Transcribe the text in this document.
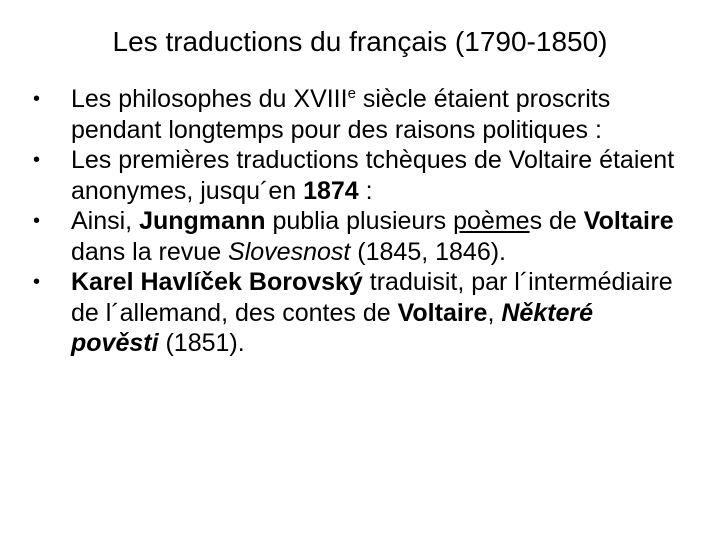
Les traductions du français (1790-1850)
• Les philosophes du XVIIIe siècle étaient proscrits pendant longtemps pour des raisons politiques :
• Les premières traductions tchèques de Voltaire étaient anonymes, jusqu´en 1874 :
• Ainsi, Jungmann publia plusieurs poèmes de Voltaire dans la revue Slovesnost (1845, 1846).
• Karel Havlíček Borovský traduisit, par l´intermédiaire de l´allemand, des contes de Voltaire, Některé pověsti (1851).
